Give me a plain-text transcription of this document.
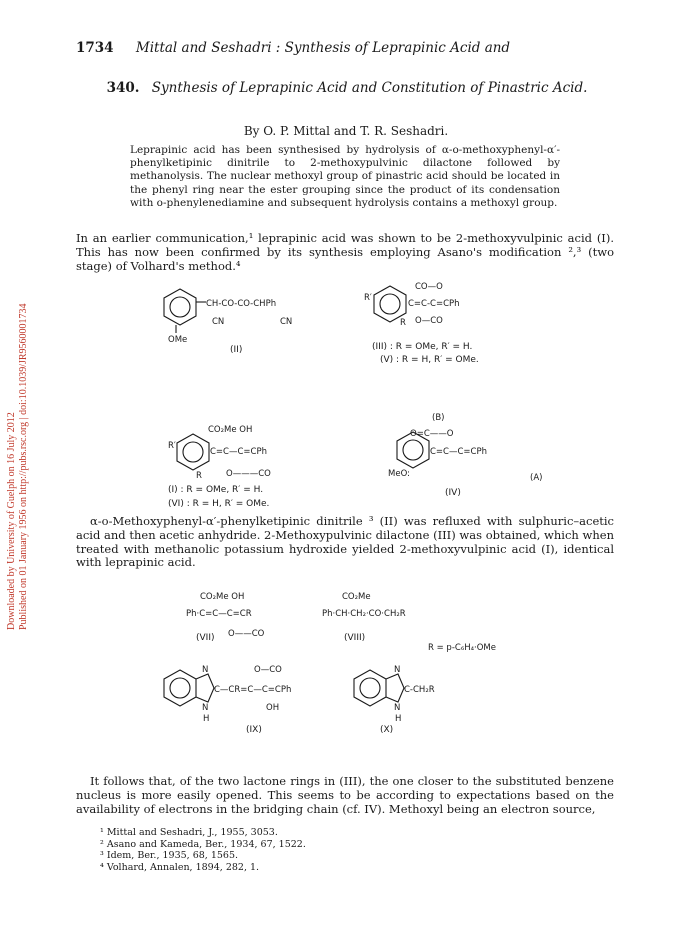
Downloaded by University of Guelph on 16 July 2012 Published on 01 January 1956 on http://pubs.rsc.org | doi:10.1039/JR9560001734
1734 Mittal and Seshadri : Synthesis of Leprapinic Acid and
340. Synthesis of Leprapinic Acid and Constitution of Pinastric Acid.
By O. P. Mittal and T. R. Seshadri.
Leprapinic acid has been synthesised by hydrolysis of α-o-methoxyphenyl-α′-phenylketipinic dinitrile to 2-methoxypulvinic dilactone followed by methanolysis. The nuclear methoxyl group of pinastric acid should be located in the phenyl ring near the ester grouping since the product of its condensation with o-phenylenediamine and subsequent hydrolysis contains a methoxyl group.
In an earlier communication,¹ leprapinic acid was shown to be 2-methoxyvulpinic acid (I). This has now been confirmed by its synthesis employing Asano's modification ²,³ (two stage) of Volhard's method.⁴
α-o-Methoxyphenyl-α′-phenylketipinic dinitrile ³ (II) was refluxed with sulphuric–acetic acid and then acetic anhydride. 2-Methoxypulvinic dilactone (III) was obtained, which when treated with methanolic potassium hydroxide yielded 2-methoxyvulpinic acid (I), identical with leprapinic acid.
It follows that, of the two lactone rings in (III), the one closer to the substituted benzene nucleus is more easily opened. This seems to be according to expectations based on the availability of electrons in the bridging chain (cf. IV). Methoxyl being an electron source,
CH-CO-CO-CHPh
CN	CN
OMe
(II)
CO—O
C=C-C=CPh
O—CO
R′
R
(III) : R = OMe, R′ = H.
(V) : R = H, R′ = OMe.
CO₂Me OH
C=C—C=CPh
O———CO
R′
R
(I) : R = OMe, R′ = H.
(VI) : R = H, R′ = OMe.
(B)
O=C——O
C=C—C=CPh
MeO:	(A)
(IV)
CO₂Me OH
Ph·C=C—C=CR
O——CO
(VII)
CO₂Me
Ph·CH·CH₂·CO·CH₂R
(VIII)
R = p-C₆H₄·OMe
O—CO
C—CR=C—C=CPh
OH
N
N
H
(IX)
C-CH₂R
N
N
H
(X)
¹ Mittal and Seshadri, J., 1955, 3053.
² Asano and Kameda, Ber., 1934, 67, 1522.
³ Idem, Ber., 1935, 68, 1565.
⁴ Volhard, Annalen, 1894, 282, 1.
